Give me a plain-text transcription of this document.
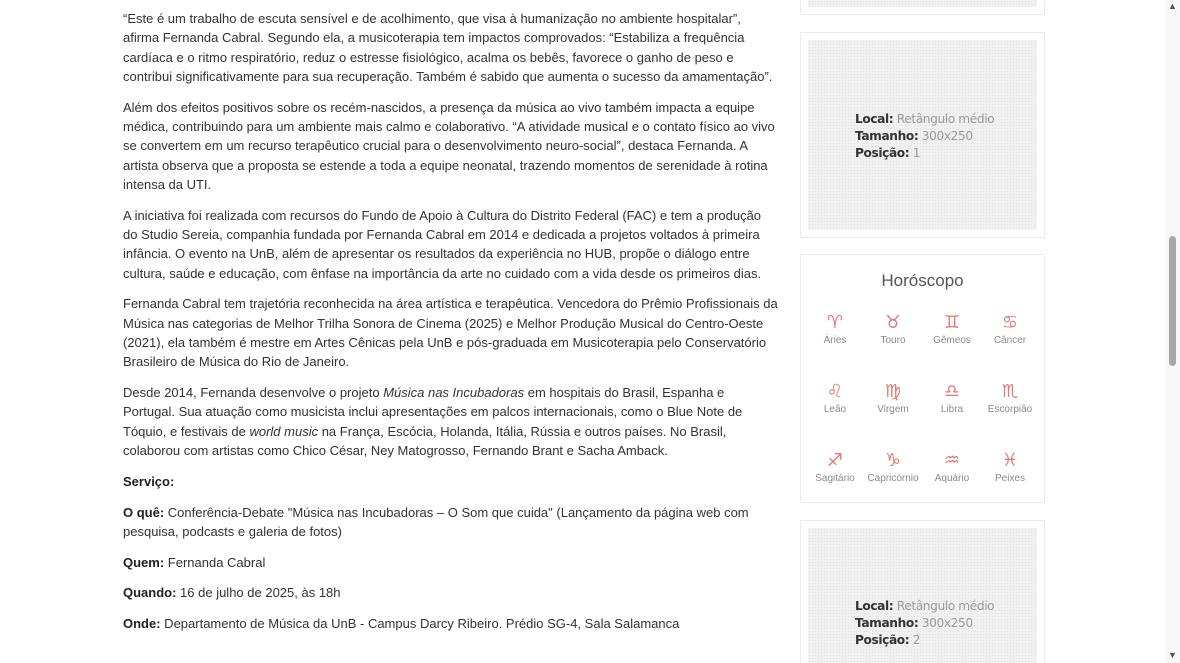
“Este é um trabalho de escuta sensível e de acolhimento, que visa à humanização no ambiente hospitalar”, afirma Fernanda Cabral. Segundo ela, a musicoterapia tem impactos comprovados: “Estabiliza a frequência cardíaca e o ritmo respiratório, reduz o estresse fisiológico, acalma os bebês, favorece o ganho de peso e contribui significativamente para sua recuperação. Também é sabido que aumenta o sucesso da amamentação”.

Além dos efeitos positivos sobre os recém-nascidos, a presença da música ao vivo também impacta a equipe médica, contribuindo para um ambiente mais calmo e colaborativo. “A atividade musical e o contato físico ao vivo se convertem em um recurso terapêutico crucial para o desenvolvimento neuro-social”, destaca Fernanda. A artista observa que a proposta se estende a toda a equipe neonatal, trazendo momentos de serenidade à rotina intensa da UTI.

A iniciativa foi realizada com recursos do Fundo de Apoio à Cultura do Distrito Federal (FAC) e tem a produção do Studio Sereia, companhia fundada por Fernanda Cabral em 2014 e dedicada a projetos voltados à primeira infância. O evento na UnB, além de apresentar os resultados da experiência no HUB, propõe o diálogo entre cultura, saúde e educação, com ênfase na importância da arte no cuidado com a vida desde os primeiros dias.

Fernanda Cabral tem trajetória reconhecida na área artística e terapêutica. Vencedora do Prêmio Profissionais da Música nas categorias de Melhor Trilha Sonora de Cinema (2025) e Melhor Produção Musical do Centro-Oeste (2021), ela também é mestre em Artes Cênicas pela UnB e pós-graduada em Musicoterapia pelo Conservatório Brasileiro de Música do Rio de Janeiro.

Desde 2014, Fernanda desenvolve o projeto Música nas Incubadoras em hospitais do Brasil, Espanha e Portugal. Sua atuação como musicista inclui apresentações em palcos internacionais, como o Blue Note de Tóquio, e festivais de world music na França, Escócia, Holanda, Itália, Rússia e outros países. No Brasil, colaborou com artistas como Chico César, Ney Matogrosso, Fernando Brant e Sacha Amback.

Serviço:

O quê: Conferência-Debate "Música nas Incubadoras – O Som que cuida" (Lançamento da página web com pesquisa, podcasts e galeria de fotos)

Quem: Fernanda Cabral

Quando: 16 de julho de 2025, às 18h

Onde: Departamento de Música da UnB - Campus Darcy Ribeiro. Prédio SG-4, Sala Salamanca

Local: Retângulo médio
Tamanho: 300x250
Posição: 1
Horóscopo
♈
Áries
♉
Touro
♊
Gêmeos
♋
Câncer
♌
Leão
♍
Virgem
♎
Libra
♏
Escorpião
♐
Sagitário
♑
Capricórnio
♒
Aquário
♓
Peixes
Local: Retângulo médio
Tamanho: 300x250
Posição: 2
▲
▼
